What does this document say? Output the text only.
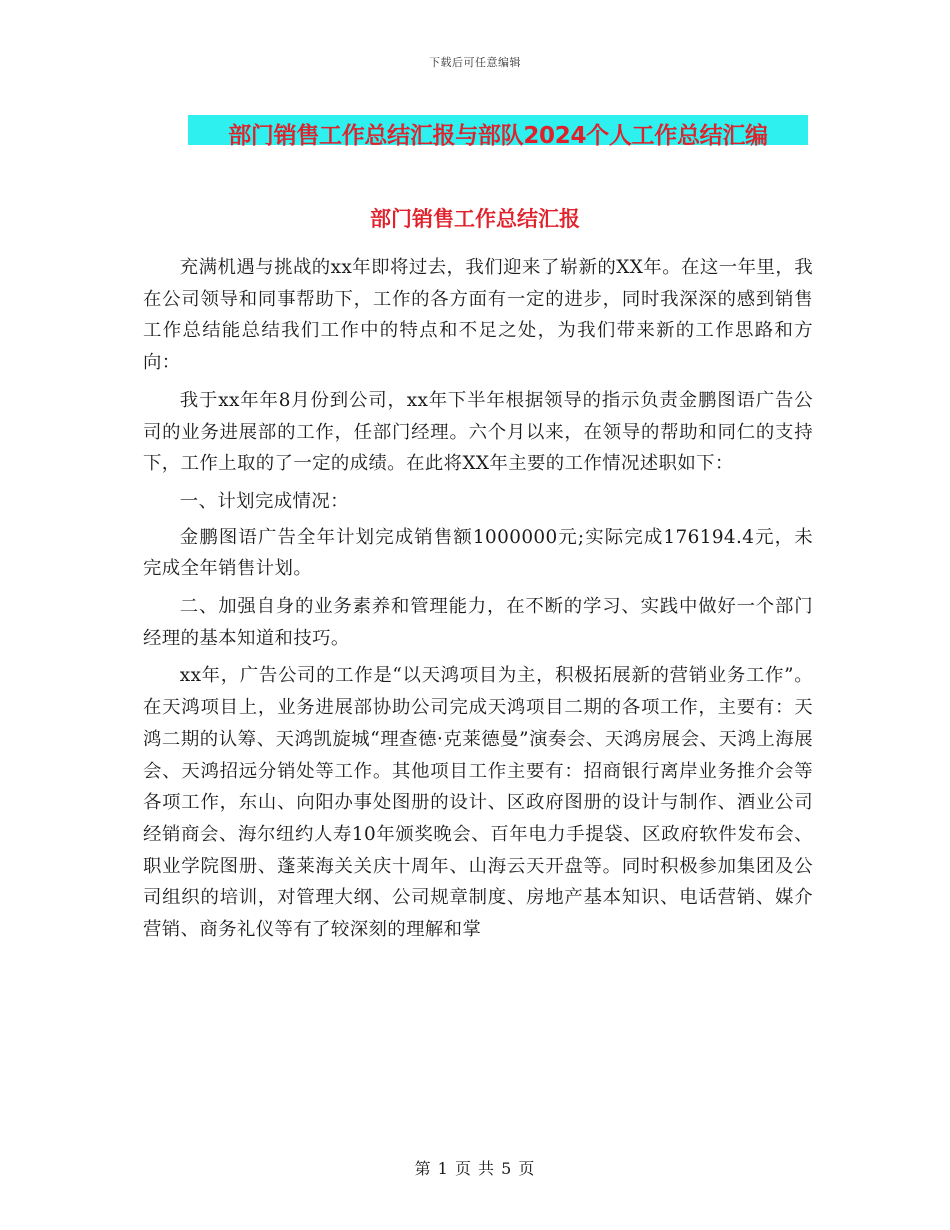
下载后可任意编辑
部门销售工作总结汇报与部队2024个人工作总结汇编
部门销售工作总结汇报

充满机遇与挑战的xx年即将过去，我们迎来了崭新的XX年。在这一年里，我在公司领导和同事帮助下，工作的各方面有一定的进步，同时我深深的感到销售工作总结能总结我们工作中的特点和不足之处，为我们带来新的工作思路和方向：

我于xx年年8月份到公司，xx年下半年根据领导的指示负责金鹏图语广告公司的业务进展部的工作，任部门经理。六个月以来，在领导的帮助和同仁的支持下，工作上取的了一定的成绩。在此将XX年主要的工作情况述职如下：

一、计划完成情况：

金鹏图语广告全年计划完成销售额1000000元;实际完成176194.4元，未完成全年销售计划。

二、加强自身的业务素养和管理能力，在不断的学习、实践中做好一个部门经理的基本知道和技巧。

xx年，广告公司的工作是“以天鸿项目为主，积极拓展新的营销业务工作”。在天鸿项目上，业务进展部协助公司完成天鸿项目二期的各项工作，主要有：天鸿二期的认筹、天鸿凯旋城“理查德·克莱德曼”演奏会、天鸿房展会、天鸿上海展会、天鸿招远分销处等工作。其他项目工作主要有：招商银行离岸业务推介会等各项工作，东山、向阳办事处图册的设计、区政府图册的设计与制作、酒业公司经销商会、海尔纽约人寿10年颁奖晚会、百年电力手提袋、区政府软件发布会、职业学院图册、蓬莱海关关庆十周年、山海云天开盘等。同时积极参加集团及公司组织的培训，对管理大纲、公司规章制度、房地产基本知识、电话营销、媒介营销、商务礼仪等有了较深刻的理解和掌

第 1 页 共 5 页
